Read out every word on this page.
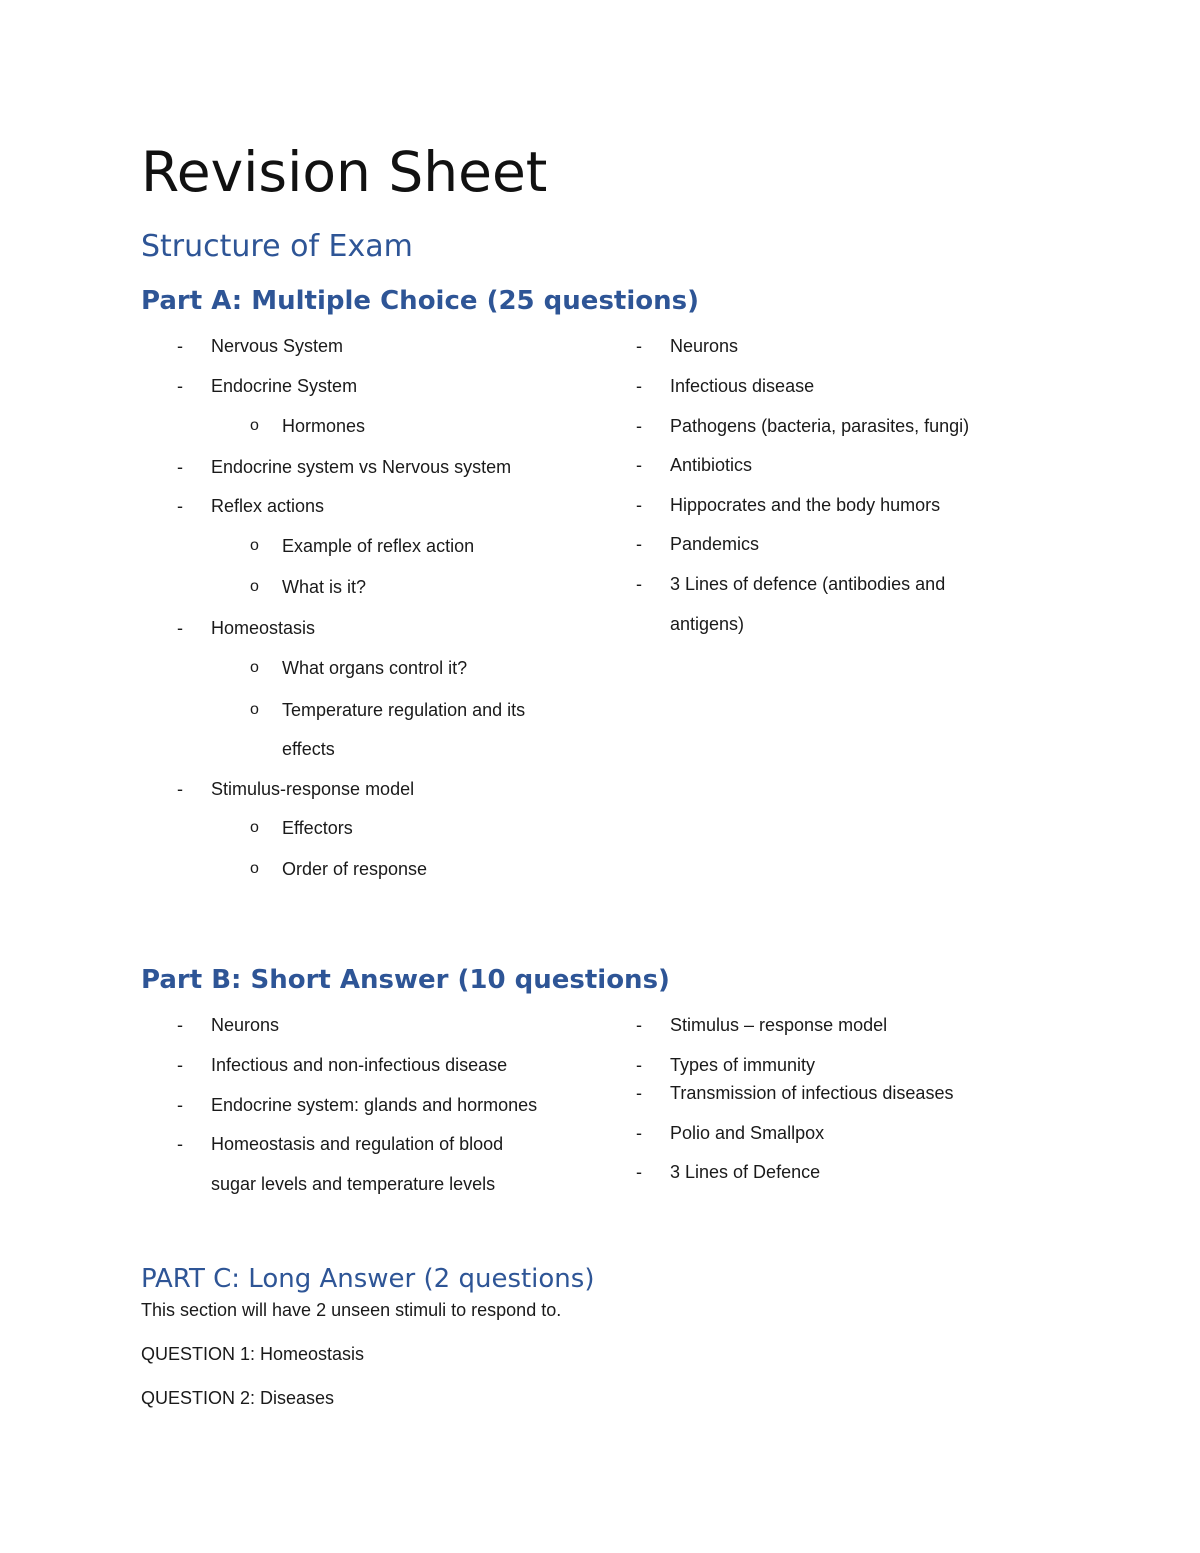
Revision Sheet
Structure of Exam
Part A: Multiple Choice (25 questions)
- Nervous System
- Endocrine System
o Hormones
- Endocrine system vs Nervous system
- Reflex actions
o Example of reflex action
o What is it?
- Homeostasis
o What organs control it?
o Temperature regulation and its
effects
- Stimulus-response model
o Effectors
o Order of response
- Neurons
- Infectious disease
- Pathogens (bacteria, parasites, fungi)
- Antibiotics
- Hippocrates and the body humors
- Pandemics
- 3 Lines of defence (antibodies and
antigens)
Part B: Short Answer (10 questions)
- Neurons
- Infectious and non-infectious disease
- Endocrine system: glands and hormones
- Homeostasis and regulation of blood
sugar levels and temperature levels
- Stimulus – response model
- Types of immunity
- Transmission of infectious diseases
- Polio and Smallpox
- 3 Lines of Defence
PART C: Long Answer (2 questions)
This section will have 2 unseen stimuli to respond to.
QUESTION 1: Homeostasis
QUESTION 2: Diseases
